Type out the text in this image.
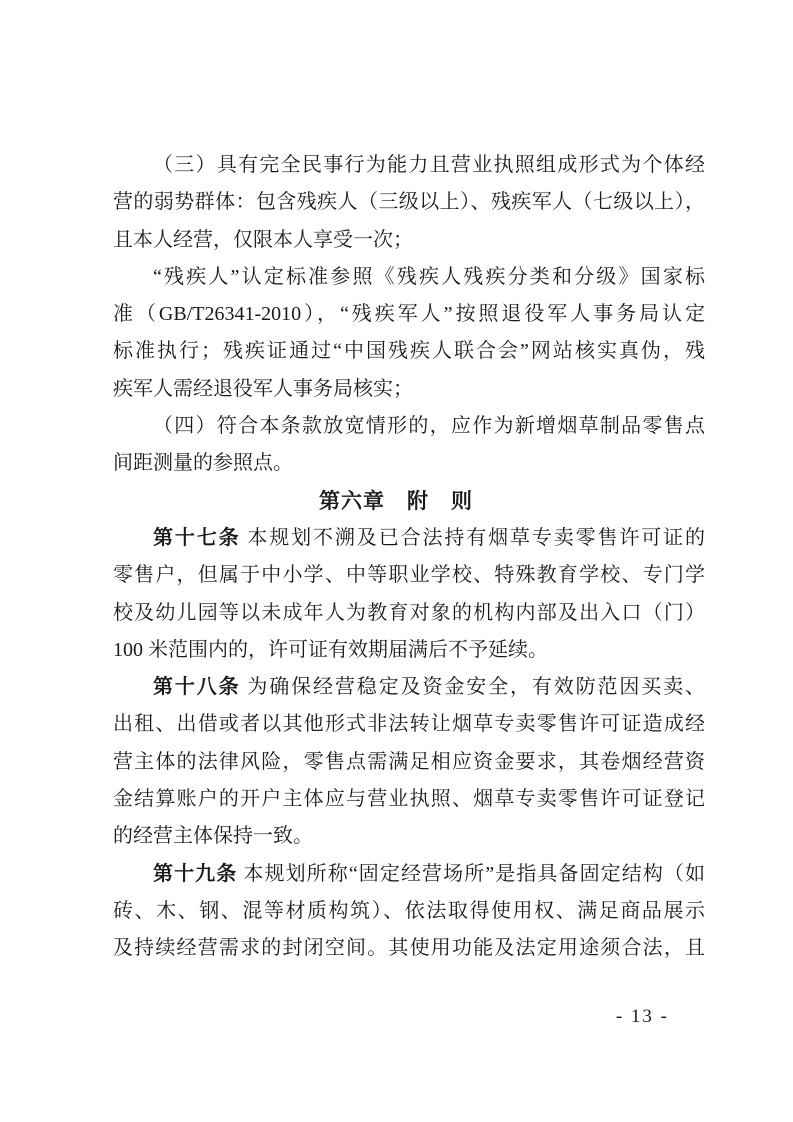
（三）具有完全民事行为能力且营业执照组成形式为个体经
营的弱势群体：包含残疾人（三级以上）、残疾军人（七级以上），
且本人经营，仅限本人享受一次；
“残疾人”认定标准参照《残疾人残疾分类和分级》国家标
准（GB/T26341-2010），“残疾军人”按照退役军人事务局认定
标准执行；残疾证通过“中国残疾人联合会”网站核实真伪，残
疾军人需经退役军人事务局核实；
（四）符合本条款放宽情形的，应作为新增烟草制品零售点
间距测量的参照点。
第六章　附　则
第十七条 本规划不溯及已合法持有烟草专卖零售许可证的
零售户，但属于中小学、中等职业学校、特殊教育学校、专门学
校及幼儿园等以未成年人为教育对象的机构内部及出入口（门）
100 米范围内的，许可证有效期届满后不予延续。
第十八条 为确保经营稳定及资金安全，有效防范因买卖、
出租、出借或者以其他形式非法转让烟草专卖零售许可证造成经
营主体的法律风险，零售点需满足相应资金要求，其卷烟经营资
金结算账户的开户主体应与营业执照、烟草专卖零售许可证登记
的经营主体保持一致。
第十九条 本规划所称“固定经营场所”是指具备固定结构（如
砖、木、钢、混等材质构筑）、依法取得使用权、满足商品展示
及持续经营需求的封闭空间。其使用功能及法定用途须合法，且
- 13 -
